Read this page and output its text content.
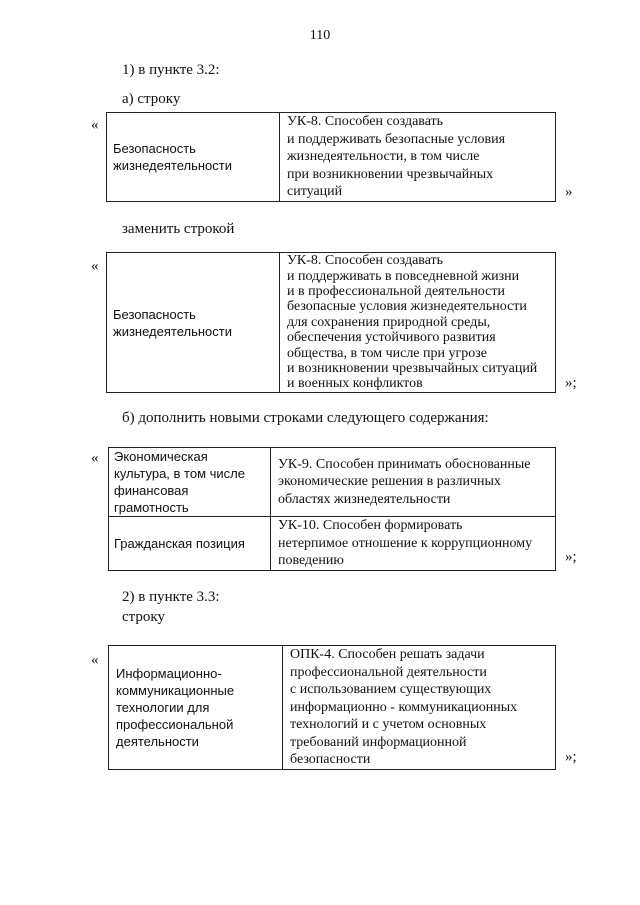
110
1) в пункте 3.2:
а) строку
«
Безопасность
жизнедеятельности

УК-8. Способен создавать
и поддерживать безопасные условия
жизнедеятельности, в том числе
при возникновении чрезвычайных
ситуаций	»
заменить строкой
«
Безопасность
жизнедеятельности

УК-8. Способен создавать
и поддерживать в повседневной жизни
и в профессиональной деятельности
безопасные условия жизнедеятельности
для сохранения природной среды,
обеспечения устойчивого развития
общества, в том числе при угрозе
и возникновении чрезвычайных ситуаций
и военных конфликтов	»;
б) дополнить новыми строками следующего содержания:
« Экономическая
культура, в том числе
финансовая
грамотность	УК-9. Способен принимать обоснованные
экономические решения в различных
областях жизнедеятельности

Гражданская позиция	УК-10. Способен формировать
нетерпимое отношение к коррупционному
поведению	»;
2) в пункте 3.3:
строку
«
Информационно-
коммуникационные
технологии для
профессиональной
деятельности

ОПК-4. Способен решать задачи
профессиональной деятельности
с использованием существующих
информационно - коммуникационных
технологий и с учетом основных
требований информационной
безопасности	»;
